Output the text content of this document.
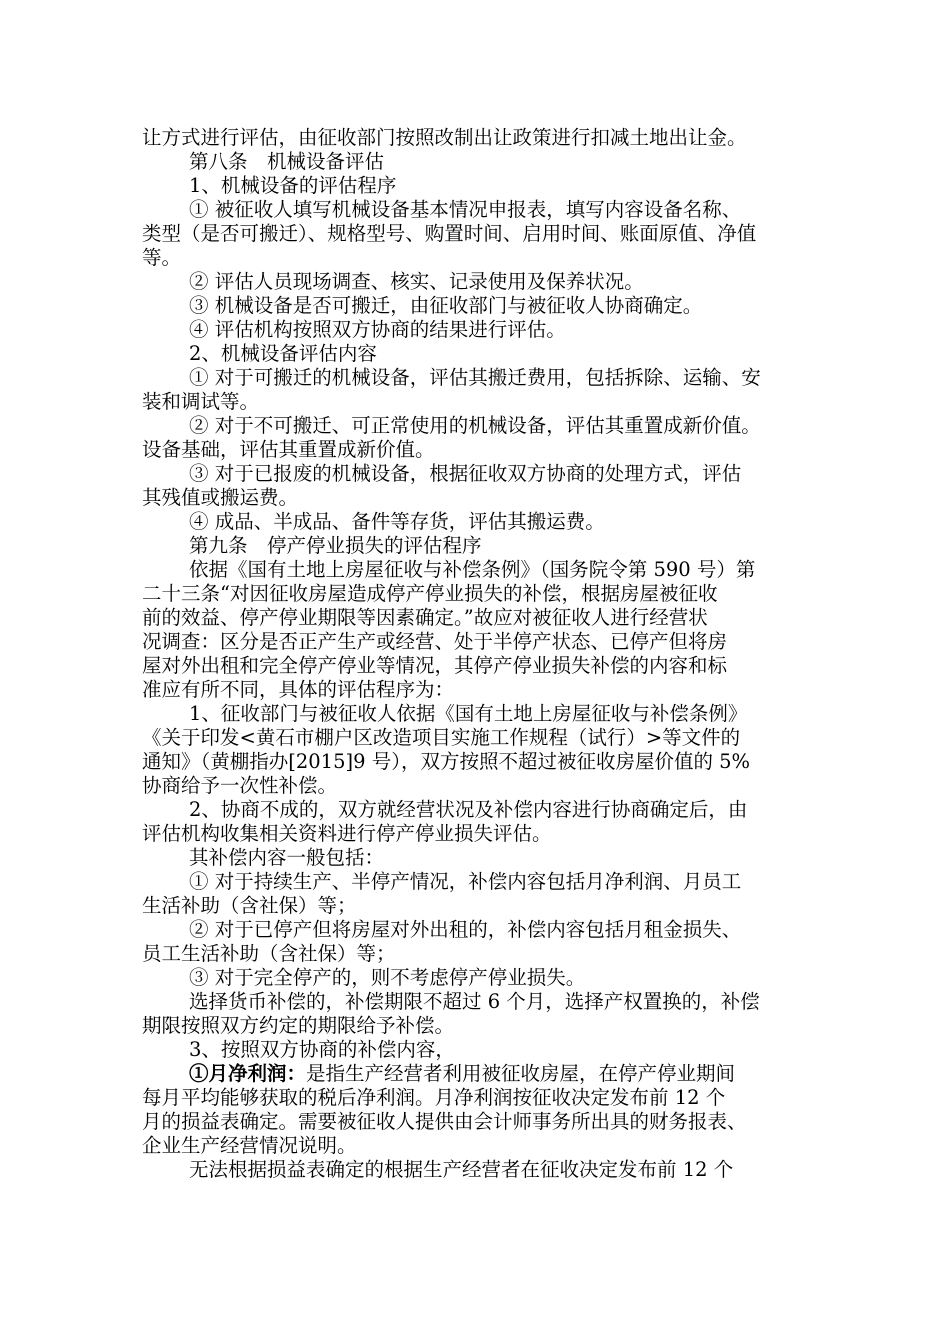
让方式进行评估，由征收部门按照改制出让政策进行扣减土地出让金。
第八条　机械设备评估
1、机械设备的评估程序
① 被征收人填写机械设备基本情况申报表，填写内容设备名称、
类型（是否可搬迁）、规格型号、购置时间、启用时间、账面原值、净值
等。
② 评估人员现场调查、核实、记录使用及保养状况。
③ 机械设备是否可搬迁，由征收部门与被征收人协商确定。
④ 评估机构按照双方协商的结果进行评估。
2、机械设备评估内容
① 对于可搬迁的机械设备，评估其搬迁费用，包括拆除、运输、安
装和调试等。
② 对于不可搬迁、可正常使用的机械设备，评估其重置成新价值。
设备基础，评估其重置成新价值。
③ 对于已报废的机械设备，根据征收双方协商的处理方式，评估
其残值或搬运费。
④ 成品、半成品、备件等存货，评估其搬运费。
第九条　停产停业损失的评估程序
依据《国有土地上房屋征收与补偿条例》（国务院令第 590 号）第
二十三条“对因征收房屋造成停产停业损失的补偿，根据房屋被征收
前的效益、停产停业期限等因素确定。”故应对被征收人进行经营状
况调查：区分是否正产生产或经营、处于半停产状态、已停产但将房
屋对外出租和完全停产停业等情况，其停产停业损失补偿的内容和标
准应有所不同，具体的评估程序为：
1、征收部门与被征收人依据《国有土地上房屋征收与补偿条例》
《关于印发<黄石市棚户区改造项目实施工作规程（试行）>等文件的
通知》（黄棚指办[2015]9 号），双方按照不超过被征收房屋价值的 5%
协商给予一次性补偿。
2、协商不成的，双方就经营状况及补偿内容进行协商确定后，由
评估机构收集相关资料进行停产停业损失评估。
其补偿内容一般包括：
① 对于持续生产、半停产情况，补偿内容包括月净利润、月员工
生活补助（含社保）等；
② 对于已停产但将房屋对外出租的，补偿内容包括月租金损失、
员工生活补助（含社保）等；
③ 对于完全停产的，则不考虑停产停业损失。
选择货币补偿的，补偿期限不超过 6 个月，选择产权置换的，补偿
期限按照双方约定的期限给予补偿。
3、按照双方协商的补偿内容，
①月净利润：是指生产经营者利用被征收房屋，在停产停业期间
每月平均能够获取的税后净利润。月净利润按征收决定发布前 12 个
月的损益表确定。需要被征收人提供由会计师事务所出具的财务报表、
企业生产经营情况说明。
无法根据损益表确定的根据生产经营者在征收决定发布前 12 个
